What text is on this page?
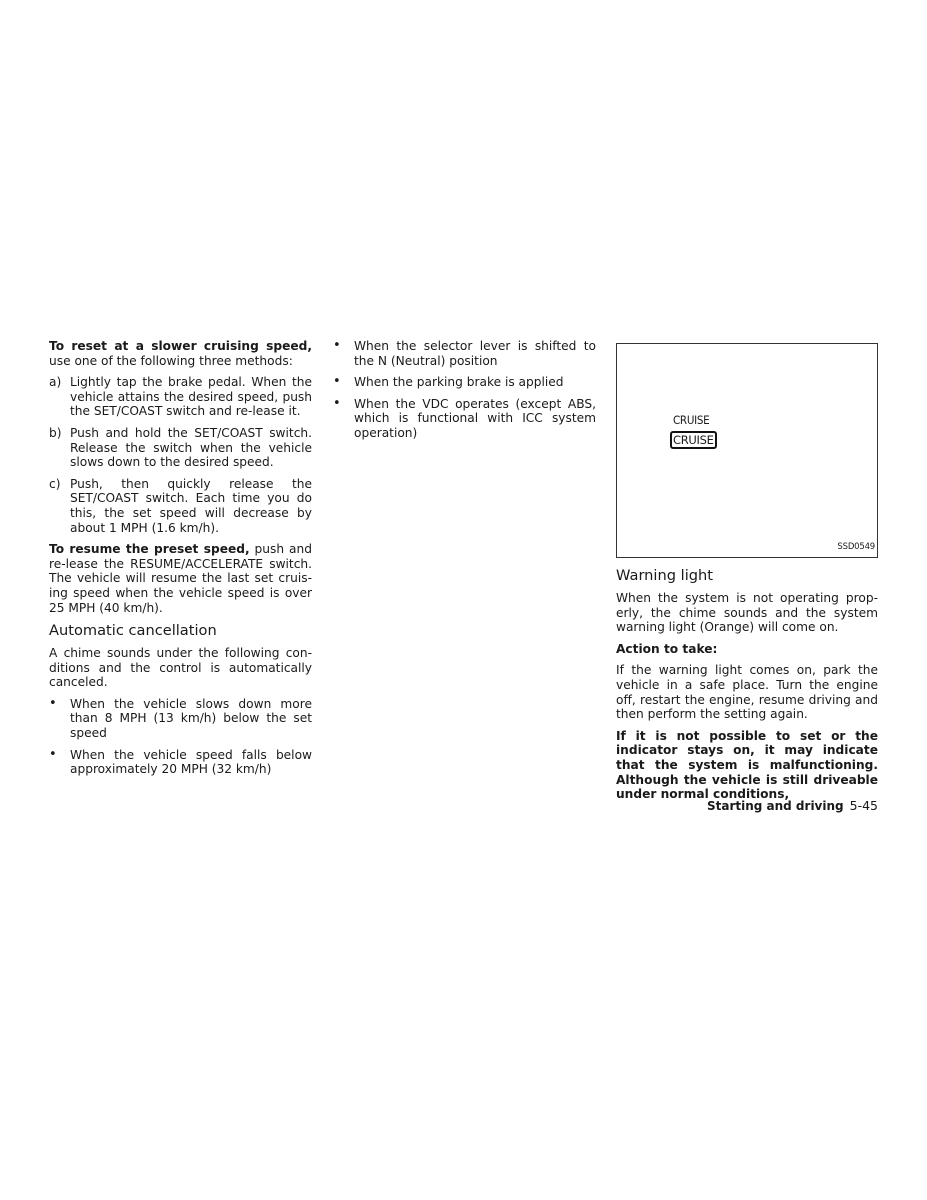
To reset at a slower cruising speed, use one of the following three methods:

a) Lightly tap the brake pedal. When the vehicle attains the desired speed, push the SET/COAST switch and re-lease it.
b) Push and hold the SET/COAST switch. Release the switch when the vehicle slows down to the desired speed.
c) Push, then quickly release the SET/COAST switch. Each time you do this, the set speed will decrease by about 1 MPH (1.6 km/h).

To resume the preset speed, push and re-lease the RESUME/ACCELERATE switch. The vehicle will resume the last set cruis-ing speed when the vehicle speed is over 25 MPH (40 km/h).

Automatic cancellation

A chime sounds under the following con-ditions and the control is automatically canceled.

•	When the vehicle slows down more than 8 MPH (13 km/h) below the set speed
•	When the vehicle speed falls below approximately 20 MPH (32 km/h)
•	When the selector lever is shifted to the N (Neutral) position
•	When the parking brake is applied
•	When the VDC operates (except ABS, which is functional with ICC system operation)
CRUISE
CRUISE
SSD0549
Warning light

When the system is not operating prop-erly, the chime sounds and the system warning light (Orange) will come on.

Action to take:

If the warning light comes on, park the vehicle in a safe place. Turn the engine off, restart the engine, resume driving and then perform the setting again.

If it is not possible to set or the indicator stays on, it may indicate that the system is malfunctioning. Although the vehicle is still driveable under normal conditions,

Starting and driving 5-45
